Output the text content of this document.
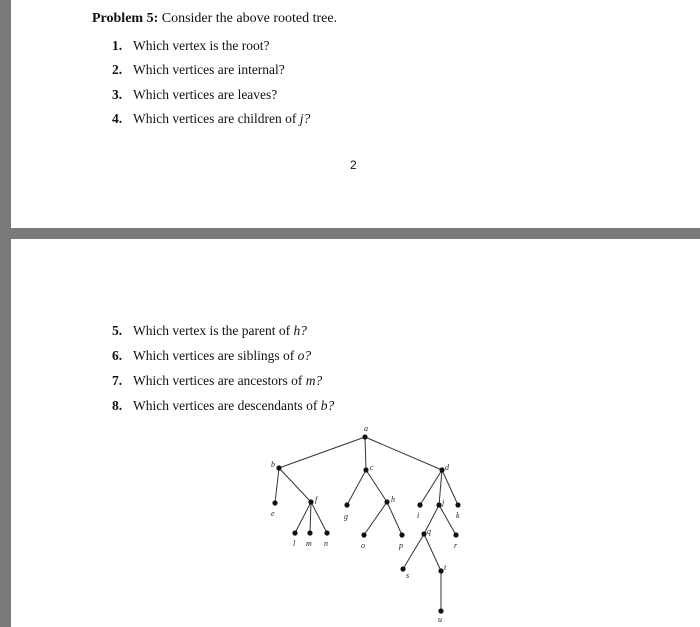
Problem 5: Consider the above rooted tree.
1. Which vertex is the root?
2. Which vertices are internal?
3. Which vertices are leaves?
4. Which vertices are children of j?
2
5. Which vertex is the parent of h?
6. Which vertices are siblings of o?
7. Which vertices are ancestors of m?
8. Which vertices are descendants of b?
a
b	c	d
e
f
g
h
i
j
k
l m n	o	p
q
r
s
t
u
